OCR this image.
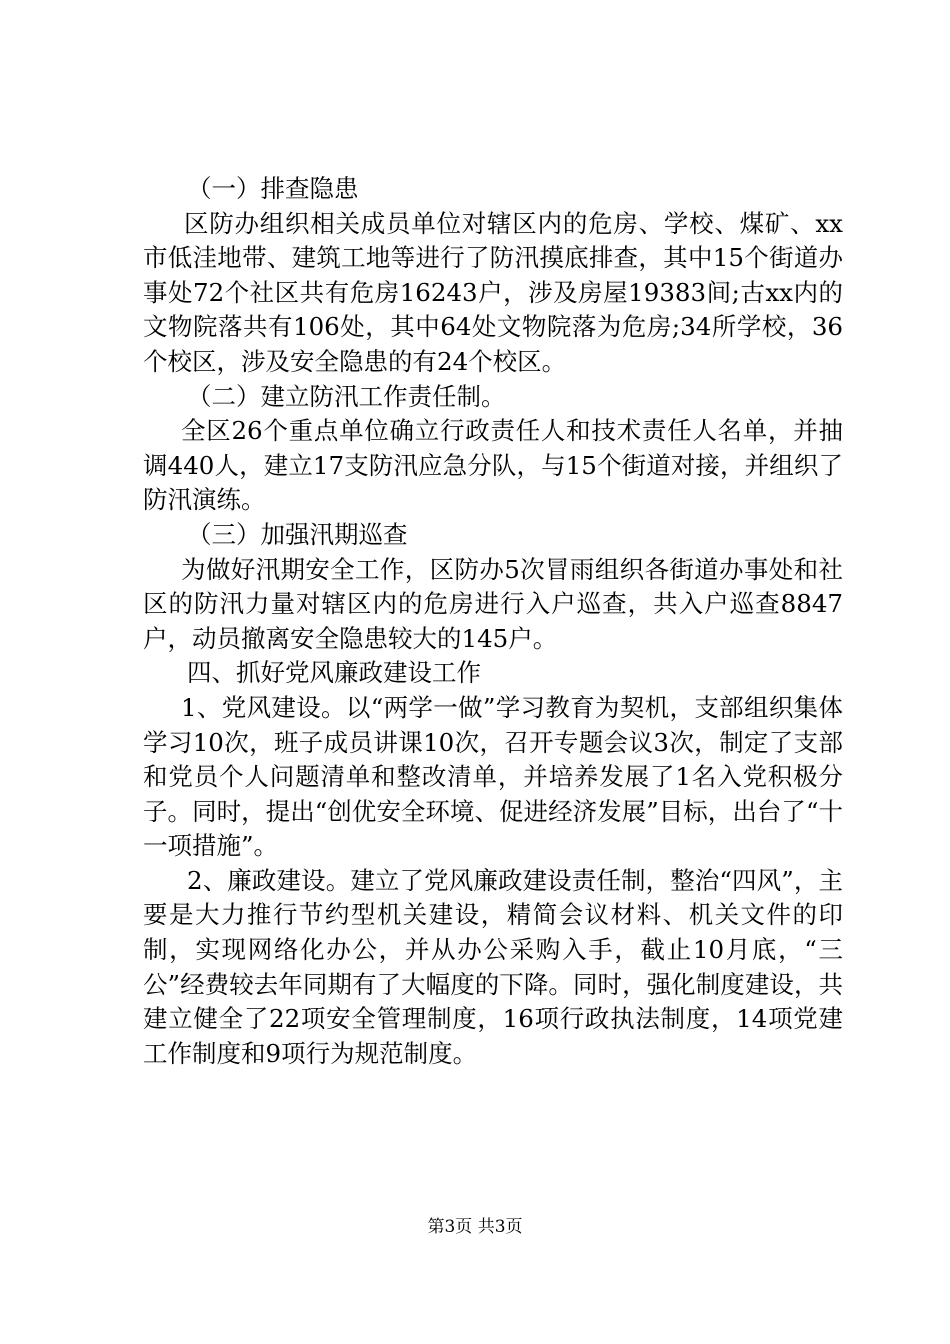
（一）排查隐患

区防办组织相关成员单位对辖区内的危房、学校、煤矿、xx市低洼地带、建筑工地等进行了防汛摸底排查，其中15个街道办事处72个社区共有危房16243户，涉及房屋19383间;古xx内的文物院落共有106处，其中64处文物院落为危房;34所学校，36个校区，涉及安全隐患的有24个校区。

（二）建立防汛工作责任制。

全区26个重点单位确立行政责任人和技术责任人名单，并抽调440人，建立17支防汛应急分队，与15个街道对接，并组织了防汛演练。

（三）加强汛期巡查

为做好汛期安全工作，区防办5次冒雨组织各街道办事处和社区的防汛力量对辖区内的危房进行入户巡查，共入户巡查8847户，动员撤离安全隐患较大的145户。

四、抓好党风廉政建设工作

1、党风建设。以“两学一做”学习教育为契机，支部组织集体学习10次，班子成员讲课10次，召开专题会议3次，制定了支部和党员个人问题清单和整改清单，并培养发展了1名入党积极分子。同时，提出“创优安全环境、促进经济发展”目标，出台了“十一项措施”。

2、廉政建设。建立了党风廉政建设责任制，整治“四风”，主要是大力推行节约型机关建设，精简会议材料、机关文件的印制，实现网络化办公，并从办公采购入手，截止10月底，“三公”经费较去年同期有了大幅度的下降。同时，强化制度建设，共建立健全了22项安全管理制度，16项行政执法制度，14项党建工作制度和9项行为规范制度。

第3页 共3页
